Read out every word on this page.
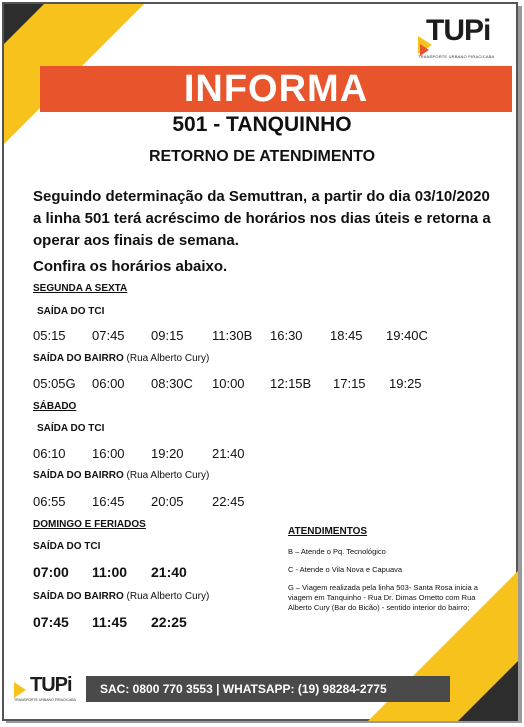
TUPi
TRANSPORTE URBANO PIRACICABA
INFORMA
501 - TANQUINHO
RETORNO DE ATENDIMENTO
Seguindo determinação da Semuttran, a partir do dia 03/10/2020 a linha 501 terá acréscimo de horários nos dias úteis e retorna a operar aos finais de semana.
Confira os horários abaixo.
SEGUNDA A SEXTA
SAÍDA DO TCI
05:15 07:45 09:15 11:30B 16:30 18:45 19:40C
SAÍDA DO BAIRRO (Rua Alberto Cury)
05:05G 06:00 08:30C 10:00 12:15B 17:15 19:25
SÁBADO
SAÍDA DO TCI
06:10 16:00 19:20 21:40
SAÍDA DO BAIRRO (Rua Alberto Cury)
06:55 16:45 20:05 22:45
DOMINGO E FERIADOS
SAÍDA DO TCI
07:00 11:00 21:40
SAÍDA DO BAIRRO (Rua Alberto Cury)
07:45 11:45 22:25
ATENDIMENTOS
B – Atende o Pq. Tecnológico
C - Atende o Vila Nova e Capuava
G – Viagem realizada pela linha 503- Santa Rosa inicia a viagem em Tanquinho - Rua Dr. Dimas Ometto com Rua Alberto Cury (Bar do Bicão) - sentido interior do bairro;
SAC: 0800 770 3553 | WHATSAPP: (19) 98284-2775
TUPi
TRANSPORTE URBANO PIRACICABA
